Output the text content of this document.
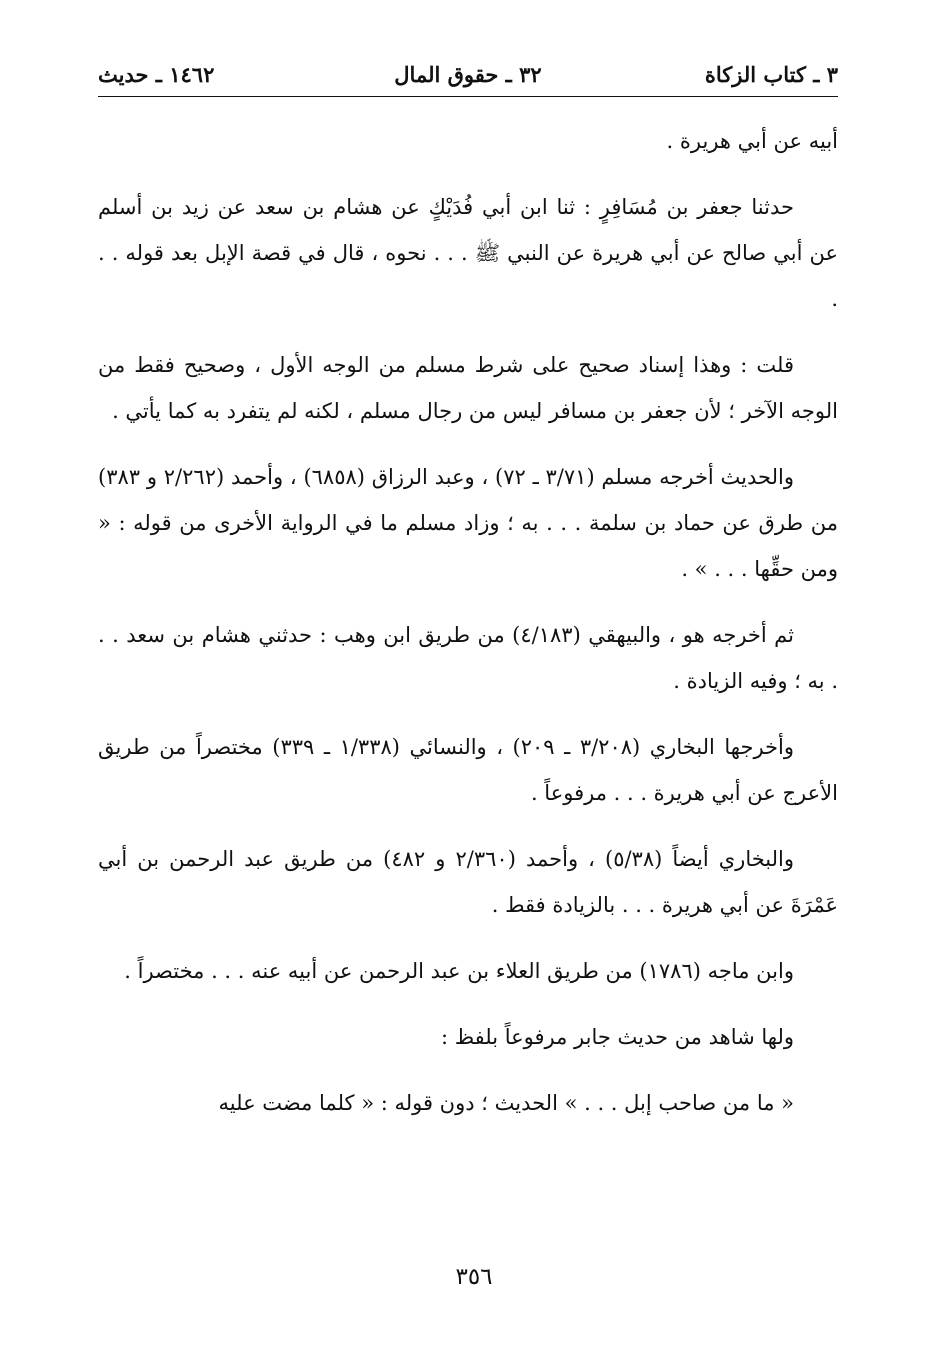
٣ ـ كتاب الزكاة
٣٢ ـ حقوق المال
١٤٦٢ ـ حديث

أبيه عن أبي هريرة .

حدثنا جعفر بن مُسَافِرٍ : ثنا ابن أبي فُدَيْكٍ عن هشام بن سعد عن زيد بن أسلم عن أبي صالح عن أبي هريرة عن النبي ﷺ . . . نحوه ، قال في قصة الإبل بعد قوله . . .

قلت : وهذا إسناد صحيح على شرط مسلم من الوجه الأول ، وصحيح فقط من الوجه الآخر ؛ لأن جعفر بن مسافر ليس من رجال مسلم ، لكنه لم يتفرد به كما يأتي .

والحديث أخرجه مسلم (٣/٧١ ـ ٧٢) ، وعبد الرزاق (٦٨٥٨) ، وأحمد (٢/٢٦٢ و ٣٨٣) من طرق عن حماد بن سلمة . . . به ؛ وزاد مسلم ما في الرواية الأخرى من قوله : « ومن حقِّها . . . » .

ثم أخرجه هو ، والبيهقي (٤/١٨٣) من طريق ابن وهب : حدثني هشام بن سعد . . . به ؛ وفيه الزيادة .

وأخرجها البخاري (٣/٢٠٨ ـ ٢٠٩) ، والنسائي (١/٣٣٨ ـ ٣٣٩) مختصراً من طريق الأعرج عن أبي هريرة . . . مرفوعاً .

والبخاري أيضاً (٥/٣٨) ، وأحمد (٢/٣٦٠ و ٤٨٢) من طريق عبد الرحمن بن أبي عَمْرَةَ عن أبي هريرة . . . بالزيادة فقط .

وابن ماجه (١٧٨٦) من طريق العلاء بن عبد الرحمن عن أبيه عنه . . . مختصراً .

ولها شاهد من حديث جابر مرفوعاً بلفظ :

« ما من صاحب إبل . . . » الحديث ؛ دون قوله : « كلما مضت عليه

٣٥٦
